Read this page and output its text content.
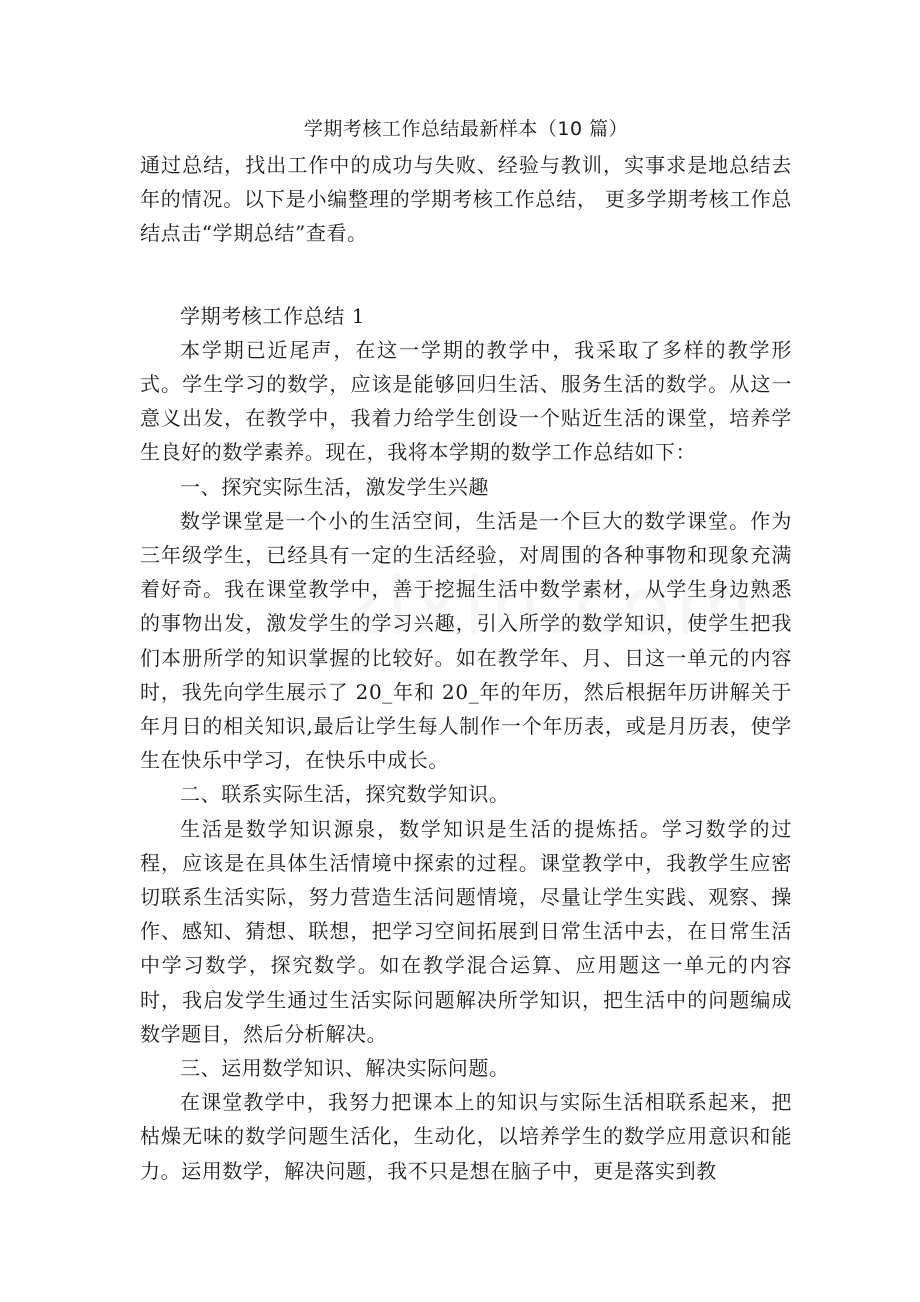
学期考核工作总结最新样本（10 篇）

通过总结，找出工作中的成功与失败、经验与教训，实事求是地总结去年的情况。以下是小编整理的学期考核工作总结， 更多学期考核工作总结点击“学期总结”查看。

学期考核工作总结 1

本学期已近尾声，在这一学期的教学中，我采取了多样的教学形式。学生学习的数学，应该是能够回归生活、服务生活的数学。从这一意义出发，在教学中，我着力给学生创设一个贴近生活的课堂，培养学生良好的数学素养。现在，我将本学期的数学工作总结如下：

一、探究实际生活，激发学生兴趣

数学课堂是一个小的生活空间，生活是一个巨大的数学课堂。作为三年级学生，已经具有一定的生活经验，对周围的各种事物和现象充满着好奇。我在课堂教学中，善于挖掘生活中数学素材，从学生身边熟悉的事物出发，激发学生的学习兴趣，引入所学的数学知识，使学生把我们本册所学的知识掌握的比较好。如在教学年、月、日这一单元的内容时，我先向学生展示了 20_年和 20_年的年历，然后根据年历讲解关于年月日的相关知识,最后让学生每人制作一个年历表，或是月历表，使学生在快乐中学习，在快乐中成长。

二、联系实际生活，探究数学知识。

生活是数学知识源泉，数学知识是生活的提炼括。学习数学的过程，应该是在具体生活情境中探索的过程。课堂教学中，我教学生应密切联系生活实际，努力营造生活问题情境，尽量让学生实践、观察、操作、感知、猜想、联想，把学习空间拓展到日常生活中去，在日常生活中学习数学，探究数学。如在教学混合运算、应用题这一单元的内容时，我启发学生通过生活实际问题解决所学知识，把生活中的问题编成数学题目，然后分析解决。

三、运用数学知识、解决实际问题。

在课堂教学中，我努力把课本上的知识与实际生活相联系起来，把枯燥无味的数学问题生活化，生动化，以培养学生的数学应用意识和能力。运用数学，解决问题，我不只是想在脑子中，更是落实到教
